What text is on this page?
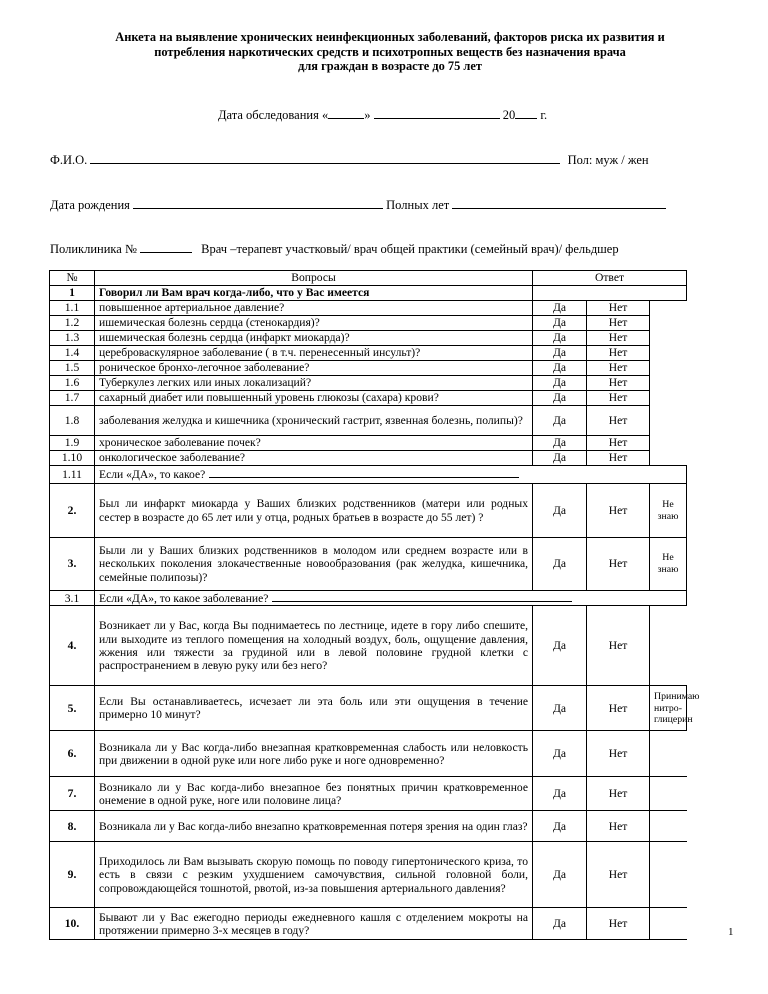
Анкета на выявление хронических неинфекционных заболеваний, факторов риска их развития и
потребления наркотических средств и психотропных веществ без назначения врача
для граждан в возрасте до 75 лет
Дата обследования «	»	20 г.
Ф.И.О.	Пол: муж / жен
Дата рождения	Полных лет
Поликлиника №	Врач –терапевт участковый/ врач общей практики (семейный врач)/ фельдшер
№	Вопросы	Ответ			
1	Говорил ли Вам врач когда-либо, что у Вас имеется				
1.1	повышенное артериальное давление?	Да	Нет		
1.2	ишемическая болезнь сердца (стенокардия)?	Да	Нет		
1.3	ишемическая болезнь сердца (инфаркт миокарда)?	Да	Нет		
1.4	цереброваскулярное заболевание ( в т.ч. перенесенный инсульт)?	Да	Нет		
1.5	роническое бронхо-легочное заболевание?	Да	Нет		
1.6	Туберкулез легких или иных локализаций?	Да	Нет		
1.7	сахарный диабет или повышенный уровень глюкозы (сахара) крови?	Да	Нет		
1.8	заболевания желудка и кишечника (хронический гастрит, язвенная болезнь, полипы)?	Да	Нет		
1.9	хроническое заболевание почек?	Да	Нет		
1.10	онкологическое заболевание?	Да	Нет		
1.11	Если «ДА», то какое?				
2.	Был ли инфаркт миокарда у Ваших близких родственников (матери или родных сестер в возрасте до 65 лет или у отца, родных братьев в возрасте до 55 лет) ?	Да	Нет	Не знаю	
3.	Были ли у Ваших близких родственников в молодом или среднем возрасте или в нескольких поколения злокачественные новообразования (рак желудка, кишечника, семейные полипозы)?	Да	Нет	Не знаю	
3.1	Если «ДА», то какое заболевание?				
4.	Возникает ли у Вас, когда Вы поднимаетесь по лестнице, идете в гору либо спешите, или выходите из теплого помещения на холодный воздух, боль, ощущение давления, жжения или тяжести за грудиной или в левой половине грудной клетки с распространением в левую руку или без него?	Да	Нет		
5.	Если Вы останавливаетесь, исчезает ли эта боль или эти ощущения в течение примерно 10 минут?	Да	Нет	Принимаю
нитро-
глицерин	

6.	Возникала ли у Вас когда-либо внезапная кратковременная слабость или неловкость при движении в одной руке или ноге либо руке и ноге одновременно?	Да	Нет		
7.	Возникало ли у Вас когда-либо внезапное без понятных причин кратковременное онемение в одной руке, ноге или половине лица?	Да	Нет		
8.	Возникала ли у Вас когда-либо внезапно кратковременная потеря зрения на один глаз?	Да	Нет		
9.	Приходилось ли Вам вызывать скорую помощь по поводу гипертонического криза, то есть в связи с резким ухудшением самочувствия, сильной головной боли, сопровождающейся тошнотой, рвотой, из-за повышения артериального давления?	Да	Нет		
10.	Бывают ли у Вас ежегодно периоды ежедневного кашля с отделением мокроты на протяжении примерно 3-х месяцев в году?	Да	Нет		
1
